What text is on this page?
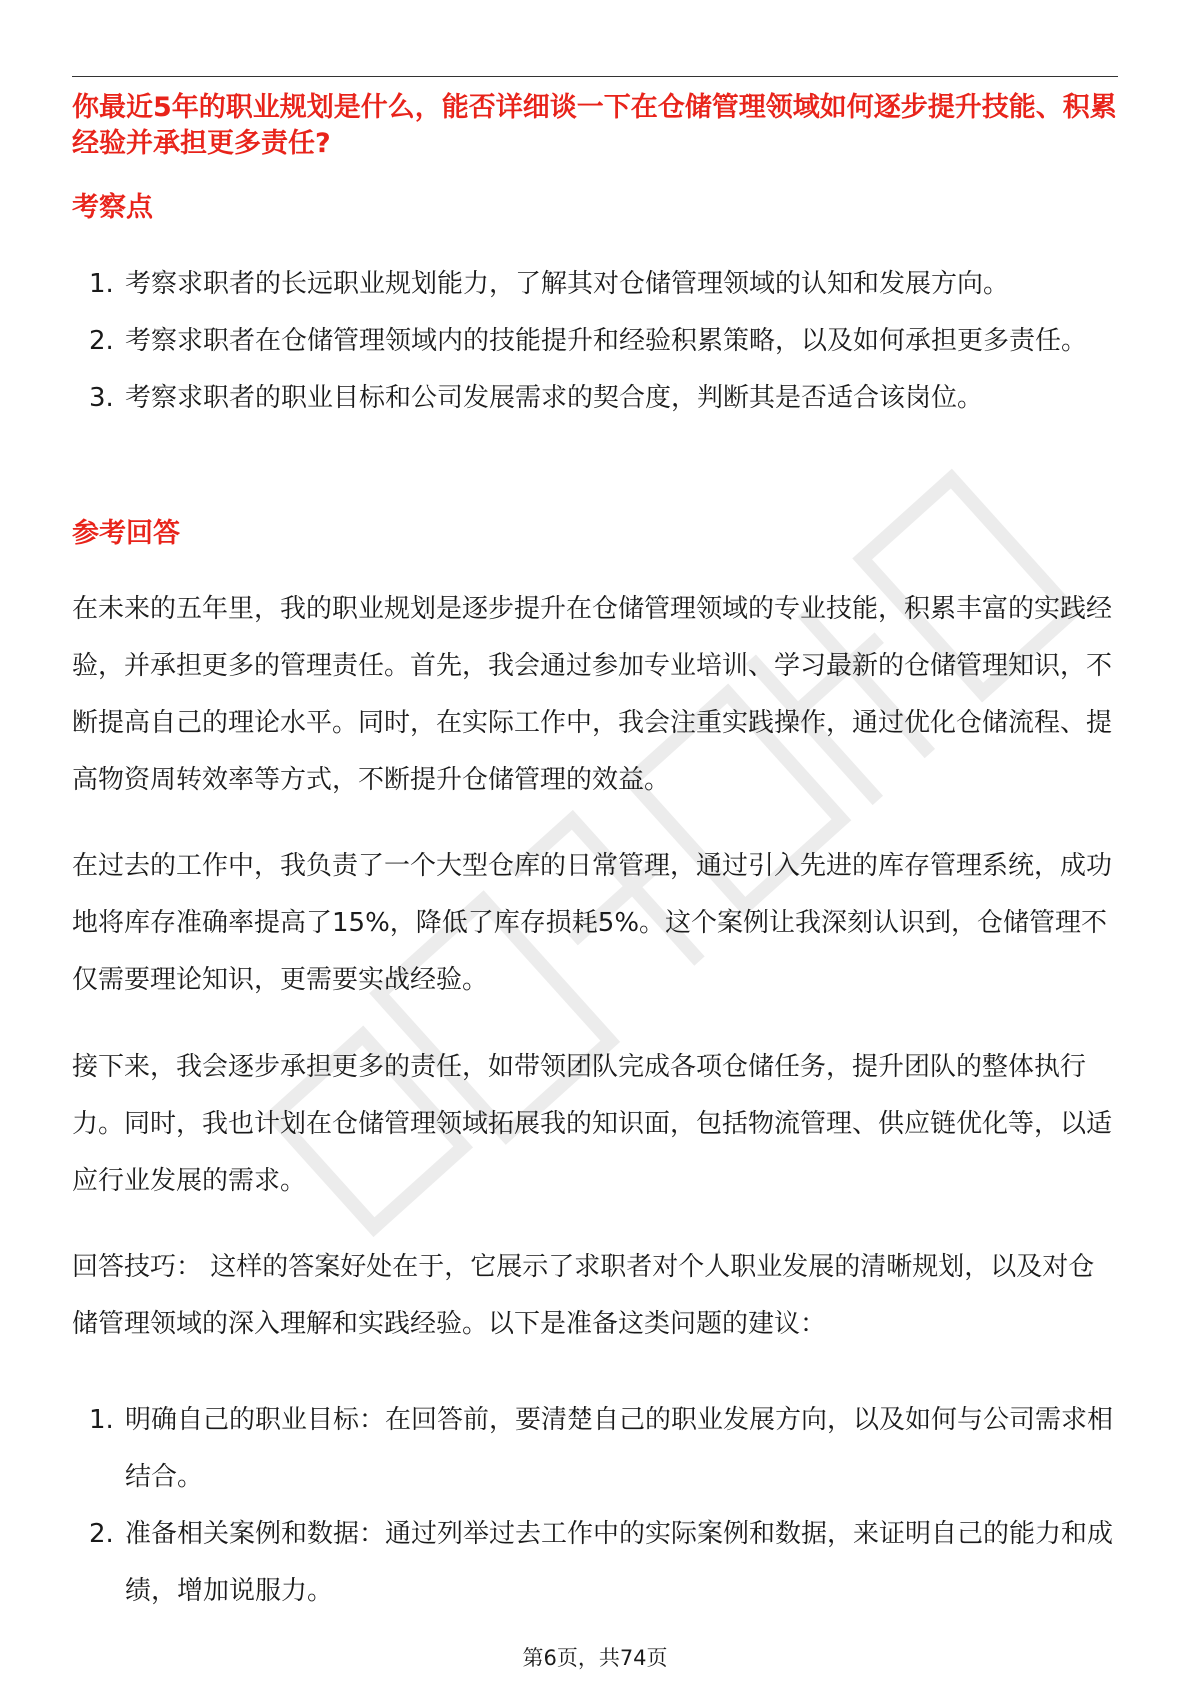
你最近5年的职业规划是什么，能否详细谈一下在仓储管理领域如何逐步提升技能、积累经验并承担更多责任?

考察点
1. 考察求职者的长远职业规划能力，了解其对仓储管理领域的认知和发展方向。
2. 考察求职者在仓储管理领域内的技能提升和经验积累策略，以及如何承担更多责任。
3. 考察求职者的职业目标和公司发展需求的契合度，判断其是否适合该岗位。
参考回答

在未来的五年里，我的职业规划是逐步提升在仓储管理领域的专业技能，积累丰富的实践经验，并承担更多的管理责任。首先，我会通过参加专业培训、学习最新的仓储管理知识，不断提高自己的理论水平。同时，在实际工作中，我会注重实践操作，通过优化仓储流程、提高物资周转效率等方式，不断提升仓储管理的效益。

在过去的工作中，我负责了一个大型仓库的日常管理，通过引入先进的库存管理系统，成功地将库存准确率提高了15%，降低了库存损耗5%。这个案例让我深刻认识到，仓储管理不仅需要理论知识，更需要实战经验。

接下来，我会逐步承担更多的责任，如带领团队完成各项仓储任务，提升团队的整体执行力。同时，我也计划在仓储管理领域拓展我的知识面，包括物流管理、供应链优化等，以适应行业发展的需求。

回答技巧： 这样的答案好处在于，它展示了求职者对个人职业发展的清晰规划，以及对仓储管理领域的深入理解和实践经验。以下是准备这类问题的建议：

1. 明确自己的职业目标：在回答前，要清楚自己的职业发展方向，以及如何与公司需求相结合。
2. 准备相关案例和数据：通过列举过去工作中的实际案例和数据，来证明自己的能力和成绩，增加说服力。
第6页，共74页
